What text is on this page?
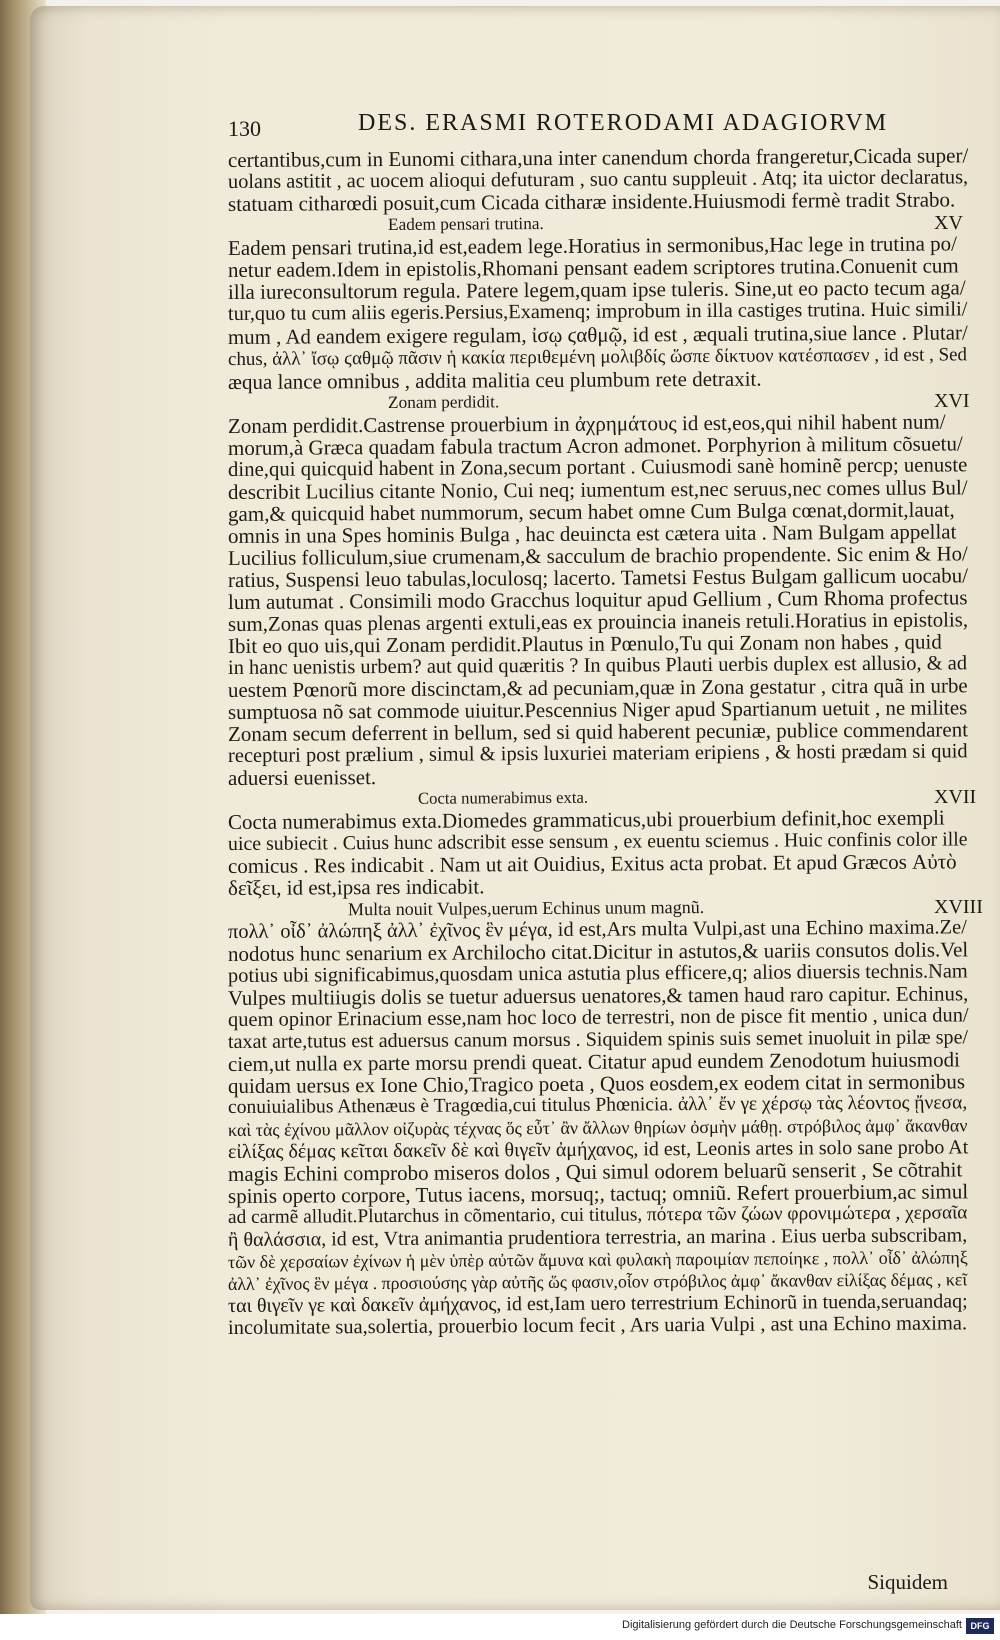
130	DES. ERASMI ROTERODAMI ADAGIORVM
certantibus,cum in Eunomi cithara,una inter canendum chorda frangeretur,Cicada super/
uolans astitit , ac uocem alioqui defuturam , suo cantu suppleuit . Atq; ita uictor declaratus,
statuam citharœdi posuit,cum Cicada citharæ insidente.Huiusmodi fermè tradit Strabo.
Eadem pensari trutina.
Eadem pensari trutina,id est,eadem lege.Horatius in sermonibus,Hac lege in trutina po/
netur eadem.Idem in epistolis,Rhomani pensant eadem scriptores trutina.Conuenit cum
illa iureconsultorum regula. Patere legem,quam ipse tuleris. Sine,ut eo pacto tecum aga/
tur,quo tu cum aliis egeris.Persius,Examenq; improbum in illa castiges trutina. Huic simili/
mum , Ad eandem exigere regulam, ἰσῳ ϛαθμῷ, id est , æquali trutina,siue lance . Plutar/
chus, ἀλλ᾽ ἴσῳ ϛαθμῷ πᾶσιν ἡ κακία περιθεμένη μολιβδίς ὥσπε δίκτυον κατέσπασεν , id est , Sed
æqua lance omnibus , addita malitia ceu plumbum rete detraxit.
Zonam perdidit.
Zonam perdidit.Castrense prouerbium in ἀχρημάτους id est,eos,qui nihil habent num/
morum,à Græca quadam fabula tractum Acron admonet. Porphyrion à militum cõsuetu/
dine,qui quicquid habent in Zona,secum portant . Cuiusmodi sanè hominẽ percp; uenuste
describit Lucilius citante Nonio, Cui neq; iumentum est,nec seruus,nec comes ullus Bul/
gam,& quicquid habet nummorum, secum habet omne Cum Bulga cœnat,dormit,lauat,
omnis in una Spes hominis Bulga , hac deuincta est cætera uita . Nam Bulgam appellat
Lucilius folliculum,siue crumenam,& sacculum de brachio propendente. Sic enim & Ho/
ratius, Suspensi leuo tabulas,loculosq; lacerto. Tametsi Festus Bulgam gallicum uocabu/
lum autumat . Consimili modo Gracchus loquitur apud Gellium , Cum Rhoma profectus
sum,Zonas quas plenas argenti extuli,eas ex prouincia inaneis retuli.Horatius in epistolis,
Ibit eo quo uis,qui Zonam perdidit.Plautus in Pœnulo,Tu qui Zonam non habes , quid
in hanc uenistis urbem? aut quid quæritis ? In quibus Plauti uerbis duplex est allusio, & ad
uestem Pœnorũ more discinctam,& ad pecuniam,quæ in Zona gestatur , citra quã in urbe
sumptuosa nõ sat commode uiuitur.Pescennius Niger apud Spartianum uetuit , ne milites
Zonam secum deferrent in bellum, sed si quid haberent pecuniæ, publice commendarent
recepturi post prælium , simul & ipsis luxuriei materiam eripiens , & hosti prædam si quid
aduersi euenisset.
Cocta numerabimus exta.
Cocta numerabimus exta.Diomedes grammaticus,ubi prouerbium definit,hoc exempli
uice subiecit . Cuius hunc adscribit esse sensum , ex euentu sciemus . Huic confinis color ille
comicus . Res indicabit . Nam ut ait Ouidius, Exitus acta probat. Et apud Græcos Αὐτὸ
δεῖξει, id est,ipsa res indicabit.
Multa nouit Vulpes,uerum Echinus unum magnũ.
πολλ᾽ οἶδ᾽ ἀλώπηξ ἀλλ᾽ ἐχῖνος ἓν μέγα, id est,Ars multa Vulpi,ast una Echino maxima.Ze/
nodotus hunc senarium ex Archilocho citat.Dicitur in astutos,& uariis consutos dolis.Vel
potius ubi significabimus,quosdam unica astutia plus efficere,q; alios diuersis technis.Nam
Vulpes multiiugis dolis se tuetur aduersus uenatores,& tamen haud raro capitur. Echinus,
quem opinor Erinacium esse,nam hoc loco de terrestri, non de pisce fit mentio , unica dun/
taxat arte,tutus est aduersus canum morsus . Siquidem spinis suis semet inuoluit in pilæ spe/
ciem,ut nulla ex parte morsu prendi queat. Citatur apud eundem Zenodotum huiusmodi
quidam uersus ex Ione Chio,Tragico poeta , Quos eosdem,ex eodem citat in sermonibus
conuiuialibus Athenæus è Tragœdia,cui titulus Phœnicia. ἀλλ᾽ ἔν γε χέρσῳ τὰς λέοντος ᾔνεσα,
καὶ τὰς ἐχίνου μᾶλλον οἰζυρὰς τέχνας ὅς εὖτ᾽ ἂν ἄλλων θηρίων ὀσμὴν μάθῃ. στρόβιλος ἀμφ᾽ ἄκανθαν
εἰλίξας δέμας κεῖται δακεῖν δὲ καὶ θιγεῖν ἀμήχανος, id est, Leonis artes in solo sane probo At
magis Echini comprobo miseros dolos , Qui simul odorem beluarũ senserit , Se cõtrahit
spinis operto corpore, Tutus iacens, morsuq;, tactuq; omniũ. Refert prouerbium,ac simul
ad carmẽ alludit.Plutarchus in cõmentario, cui titulus, πότερα τῶν ζώων φρονιμώτερα , χερσαῖα
ἢ θαλάσσια, id est, Vtra animantia prudentiora terrestria, an marina . Eius uerba subscribam,
τῶν δὲ χερσαίων ἐχίνων ἡ μὲν ὑπὲρ αὐτῶν ἄμυνα καὶ φυλακὴ παροιμίαν πεποίηκε , πολλ᾽ οἶδ᾽ ἀλώπηξ
ἀλλ᾽ ἐχῖνος ἓν μέγα . προσιούσης γὰρ αὐτῆς ὥς φασιν,οἷον στρόβιλος ἀμφ᾽ ἄκανθαν εἰλίξας δέμας , κεῖ
ται θιγεῖν γε καὶ δακεῖν ἀμήχανος, id est,Iam uero terrestrium Echinorũ in tuenda,seruandaq;
incolumitate sua,solertia, prouerbio locum fecit , Ars uaria Vulpi , ast una Echino maxima.
Siquidem
Digitalisierung gefördert durch die Deutsche Forschungsgemeinschaft DFG
XV
XVI
XVII
XVIII
